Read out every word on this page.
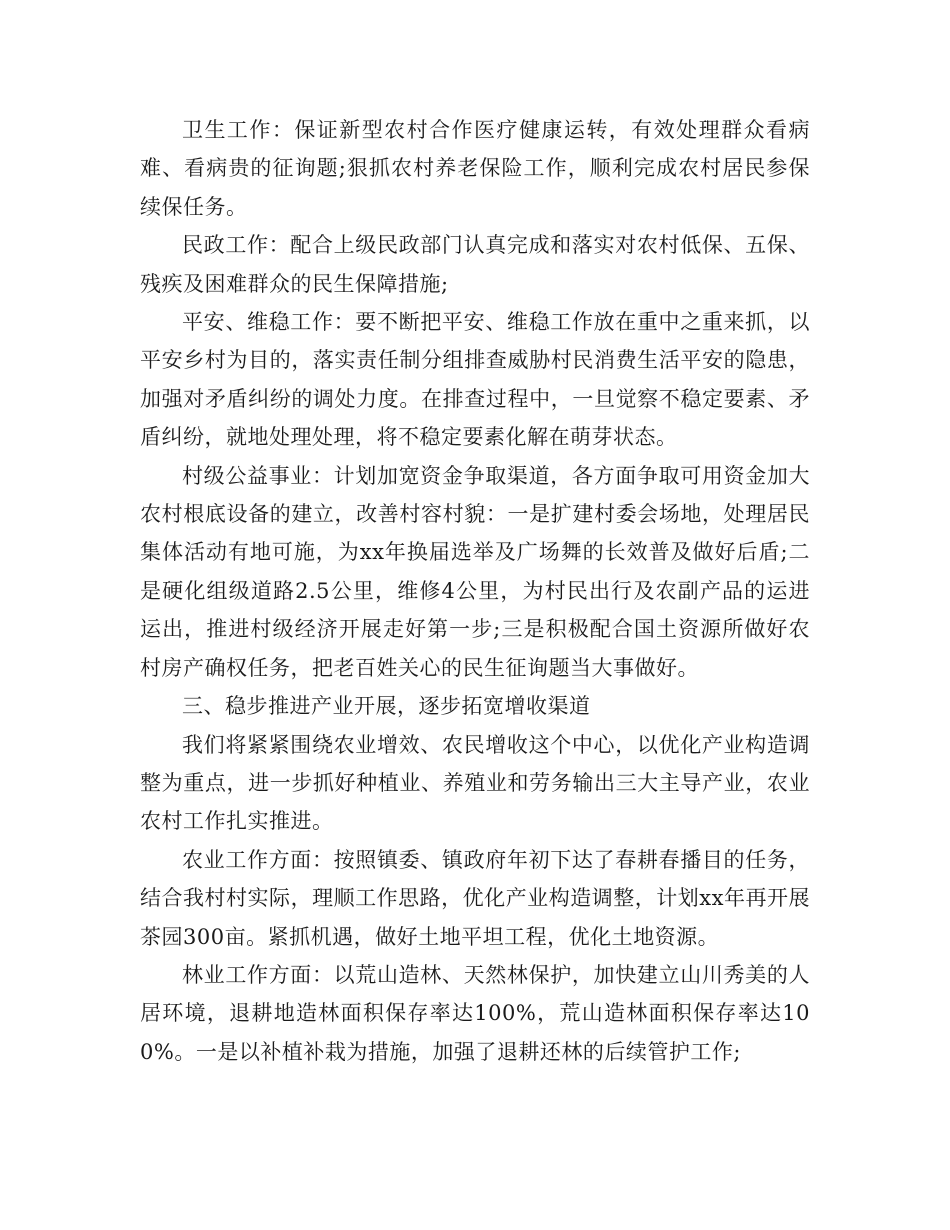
卫生工作：保证新型农村合作医疗健康运转，有效处理群众看病难、看病贵的征询题;狠抓农村养老保险工作，顺利完成农村居民参保续保任务。

民政工作：配合上级民政部门认真完成和落实对农村低保、五保、残疾及困难群众的民生保障措施;

平安、维稳工作：要不断把平安、维稳工作放在重中之重来抓，以平安乡村为目的，落实责任制分组排查威胁村民消费生活平安的隐患，加强对矛盾纠纷的调处力度。在排查过程中，一旦觉察不稳定要素、矛盾纠纷，就地处理处理，将不稳定要素化解在萌芽状态。

村级公益事业：计划加宽资金争取渠道，各方面争取可用资金加大农村根底设备的建立，改善村容村貌：一是扩建村委会场地，处理居民集体活动有地可施，为xx年换届选举及广场舞的长效普及做好后盾;二是硬化组级道路2.5公里，维修4公里，为村民出行及农副产品的运进运出，推进村级经济开展走好第一步;三是积极配合国土资源所做好农村房产确权任务，把老百姓关心的民生征询题当大事做好。

三、稳步推进产业开展，逐步拓宽增收渠道

我们将紧紧围绕农业增效、农民增收这个中心，以优化产业构造调整为重点，进一步抓好种植业、养殖业和劳务输出三大主导产业，农业农村工作扎实推进。

农业工作方面：按照镇委、镇政府年初下达了春耕春播目的任务，结合我村村实际，理顺工作思路，优化产业构造调整，计划xx年再开展茶园300亩。紧抓机遇，做好土地平坦工程，优化土地资源。

林业工作方面：以荒山造林、天然林保护，加快建立山川秀美的人居环境，退耕地造林面积保存率达100%，荒山造林面积保存率达100%。一是以补植补栽为措施，加强了退耕还林的后续管护工作;
